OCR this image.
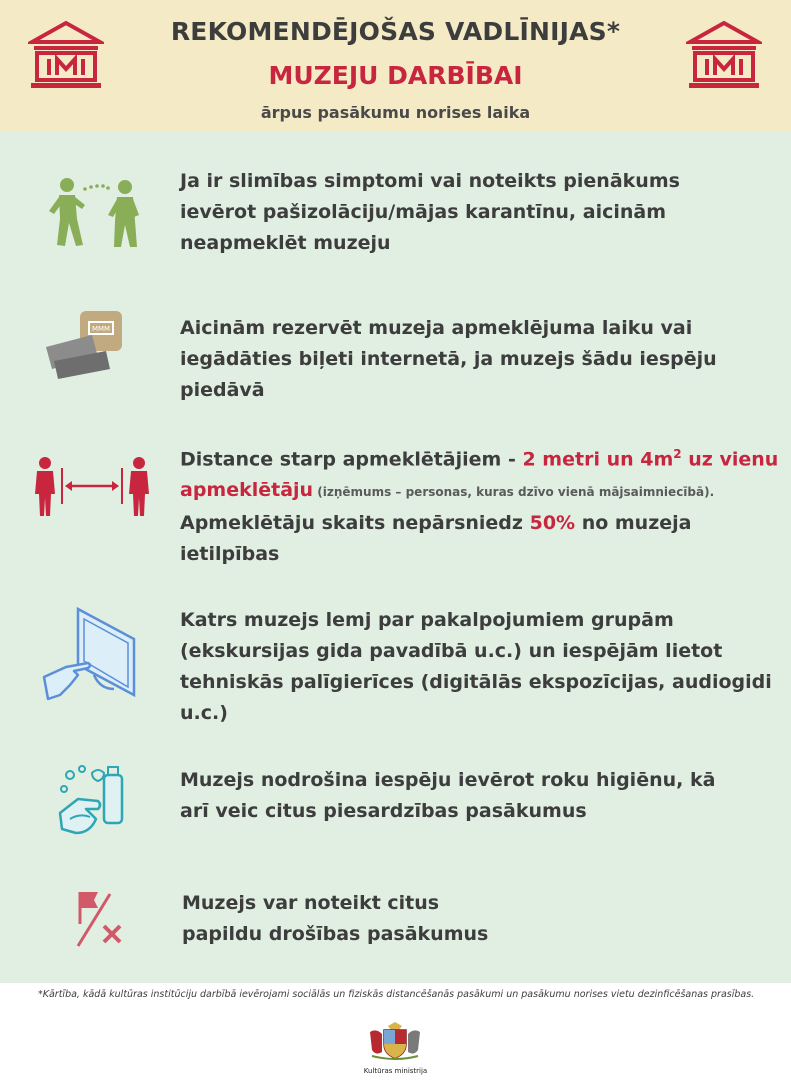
REKOMENDĒJOŠAS VADLĪNIJAS*
MUZEJU DARBĪBAI
ārpus pasākumu norises laika
Ja ir slimības simptomi vai noteikts pienākums
ievērot pašizolāciju/mājas karantīnu, aicinām
neapmeklēt muzeju
MMM	Aicinām rezervēt muzeja apmeklējuma laiku vai
iegādāties biļeti internetā, ja muzejs šādu iespēju piedāvā
Distance starp apmeklētājiem - 2 metri un $4m^2$ uz vienu
apmeklētāju (izņēmums – personas, kuras dzīvo vienā mājsaimniecībā).
Apmeklētāju skaits nepārsniedz 50% no muzeja ietilpības
Katrs muzejs lemj par pakalpojumiem grupām
(ekskursijas gida pavadībā u.c.) un iespējām lietot
tehniskās palīgierīces (digitālās ekspozīcijas, audiogidi
u.c.)
Muzejs nodrošina iespēju ievērot roku higiēnu, kā
arī veic citus piesardzības pasākumus
Muzejs var noteikt citus
papildu drošības pasākumus
*Kārtība, kādā kultūras institūciju darbībā ievērojami sociālās un fiziskās distancēšanās pasākumi un pasākumu norises vietu dezinficēšanas prasības.
Kultūras ministrija
